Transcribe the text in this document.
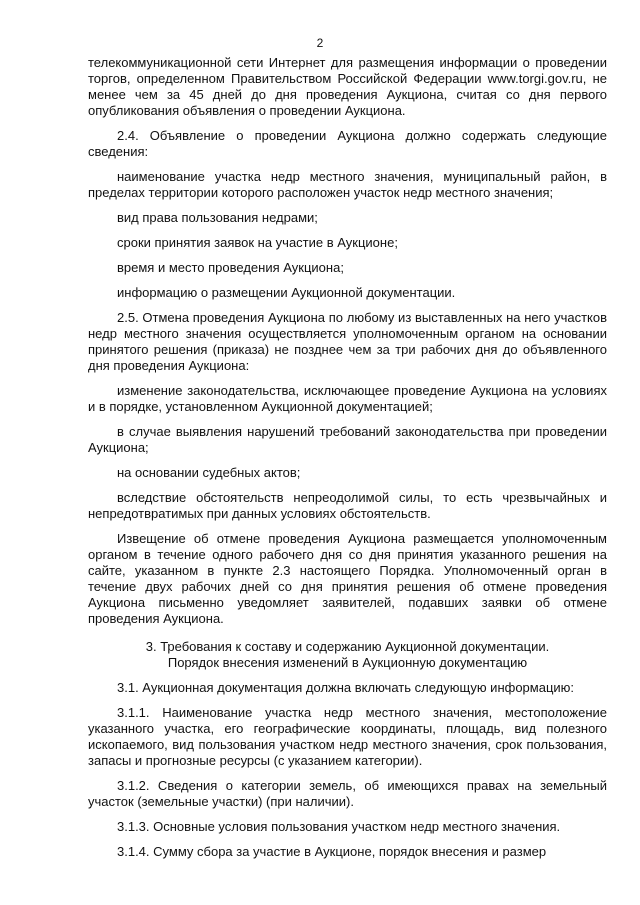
2

телекоммуникационной сети Интернет для размещения информации о проведении торгов, определенном Правительством Российской Федерации www.torgi.gov.ru, не менее чем за 45 дней до дня проведения Аукциона, считая со дня первого опубликования объявления о проведении Аукциона.

2.4. Объявление о проведении Аукциона должно содержать следующие сведения:

наименование участка недр местного значения, муниципальный район, в пределах территории которого расположен участок недр местного значения;

вид права пользования недрами;

сроки принятия заявок на участие в Аукционе;

время и место проведения Аукциона;

информацию о размещении Аукционной документации.

2.5. Отмена проведения Аукциона по любому из выставленных на него участков недр местного значения осуществляется уполномоченным органом на основании принятого решения (приказа) не позднее чем за три рабочих дня до объявленного дня проведения Аукциона:

изменение законодательства, исключающее проведение Аукциона на условиях и в порядке, установленном Аукционной документацией;

в случае выявления нарушений требований законодательства при проведении Аукциона;

на основании судебных актов;

вследствие обстоятельств непреодолимой силы, то есть чрезвычайных и непредотвратимых при данных условиях обстоятельств.

Извещение об отмене проведения Аукциона размещается уполномоченным органом в течение одного рабочего дня со дня принятия указанного решения на сайте, указанном в пункте 2.3 настоящего Порядка. Уполномоченный орган в течение двух рабочих дней со дня принятия решения об отмене проведения Аукциона письменно уведомляет заявителей, подавших заявки об отмене проведения Аукциона.

3. Требования к составу и содержанию Аукционной документации.
Порядок внесения изменений в Аукционную документацию

3.1. Аукционная документация должна включать следующую информацию:

3.1.1. Наименование участка недр местного значения, местоположение указанного участка, его географические координаты, площадь, вид полезного ископаемого, вид пользования участком недр местного значения, срок пользования, запасы и прогнозные ресурсы (с указанием категории).

3.1.2. Сведения о категории земель, об имеющихся правах на земельный участок (земельные участки) (при наличии).

3.1.3. Основные условия пользования участком недр местного значения.

3.1.4. Сумму сбора за участие в Аукционе, порядок внесения и размер
